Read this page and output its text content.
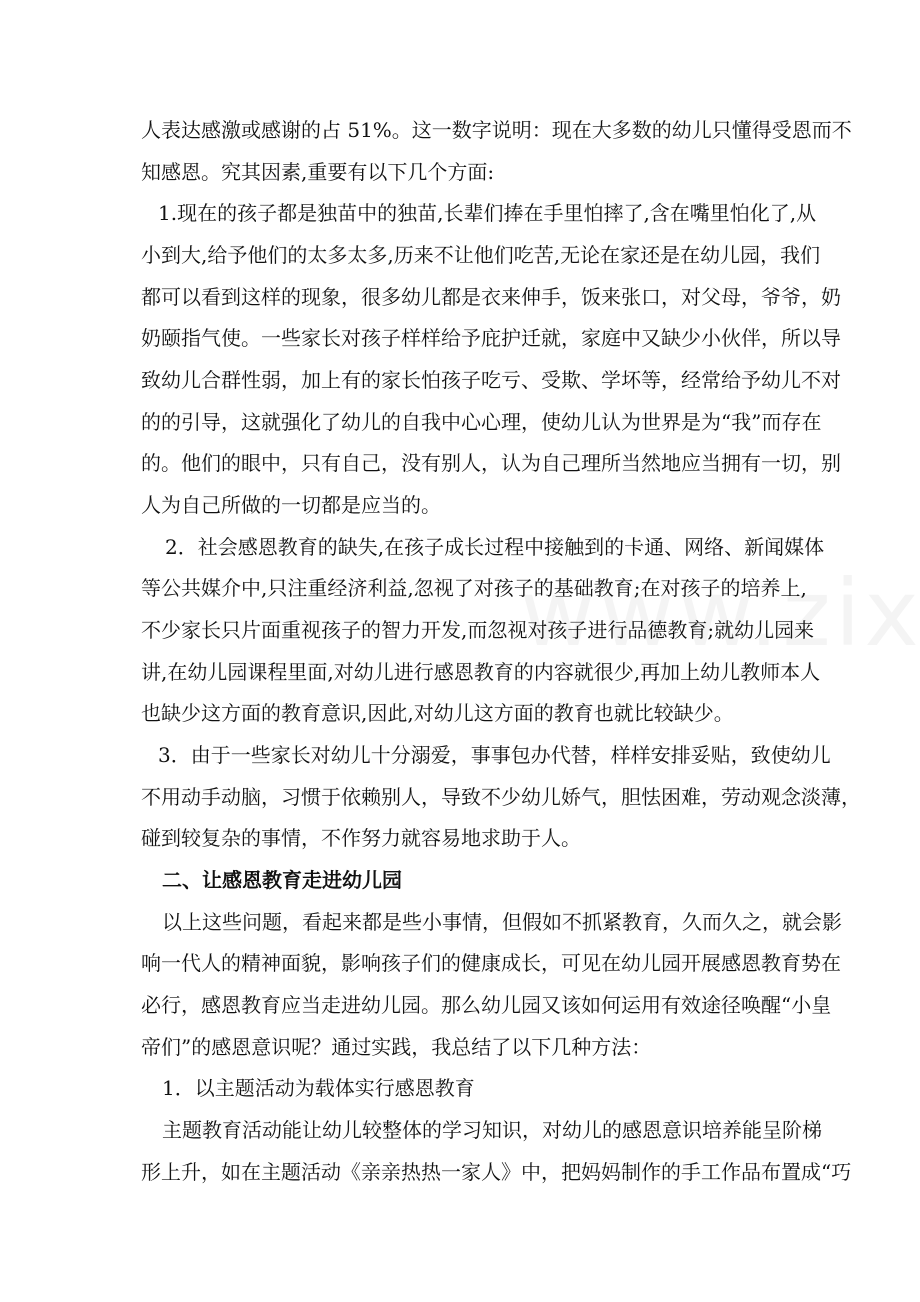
人表达感激或感谢的占 51%。这一数字说明：现在大多数的幼儿只懂得受恩而不
知感恩。究其因素,重要有以下几个方面:
1.现在的孩子都是独苗中的独苗,长辈们捧在手里怕摔了,含在嘴里怕化了,从
小到大,给予他们的太多太多,历来不让他们吃苦,无论在家还是在幼儿园，我们
都可以看到这样的现象，很多幼儿都是衣来伸手，饭来张口，对父母，爷爷，奶
奶颐指气使。一些家长对孩子样样给予庇护迁就，家庭中又缺少小伙伴，所以导
致幼儿合群性弱，加上有的家长怕孩子吃亏、受欺、学坏等，经常给予幼儿不对
的的引导，这就强化了幼儿的自我中心心理，使幼儿认为世界是为“我”而存在
的。他们的眼中，只有自己，没有别人，认为自己理所当然地应当拥有一切，别
人为自己所做的一切都是应当的。
2．社会感恩教育的缺失,在孩子成长过程中接触到的卡通、网络、新闻媒体
等公共媒介中,只注重经济利益,忽视了对孩子的基础教育;在对孩子的培养上,
不少家长只片面重视孩子的智力开发,而忽视对孩子进行品德教育;就幼儿园来
讲,在幼儿园课程里面,对幼儿进行感恩教育的内容就很少,再加上幼儿教师本人
也缺少这方面的教育意识,因此,对幼儿这方面的教育也就比较缺少。
3．由于一些家长对幼儿十分溺爱，事事包办代替，样样安排妥贴，致使幼儿
不用动手动脑，习惯于依赖别人，导致不少幼儿娇气，胆怯困难，劳动观念淡薄，
碰到较复杂的事情，不作努力就容易地求助于人。
二、让感恩教育走进幼儿园
以上这些问题，看起来都是些小事情，但假如不抓紧教育，久而久之，就会影
响一代人的精神面貌，影响孩子们的健康成长，可见在幼儿园开展感恩教育势在
必行，感恩教育应当走进幼儿园。那么幼儿园又该如何运用有效途径唤醒“小皇
帝们”的感恩意识呢？通过实践，我总结了以下几种方法：
1．以主题活动为载体实行感恩教育
主题教育活动能让幼儿较整体的学习知识，对幼儿的感恩意识培养能呈阶梯
形上升，如在主题活动《亲亲热热一家人》中，把妈妈制作的手工作品布置成“巧
